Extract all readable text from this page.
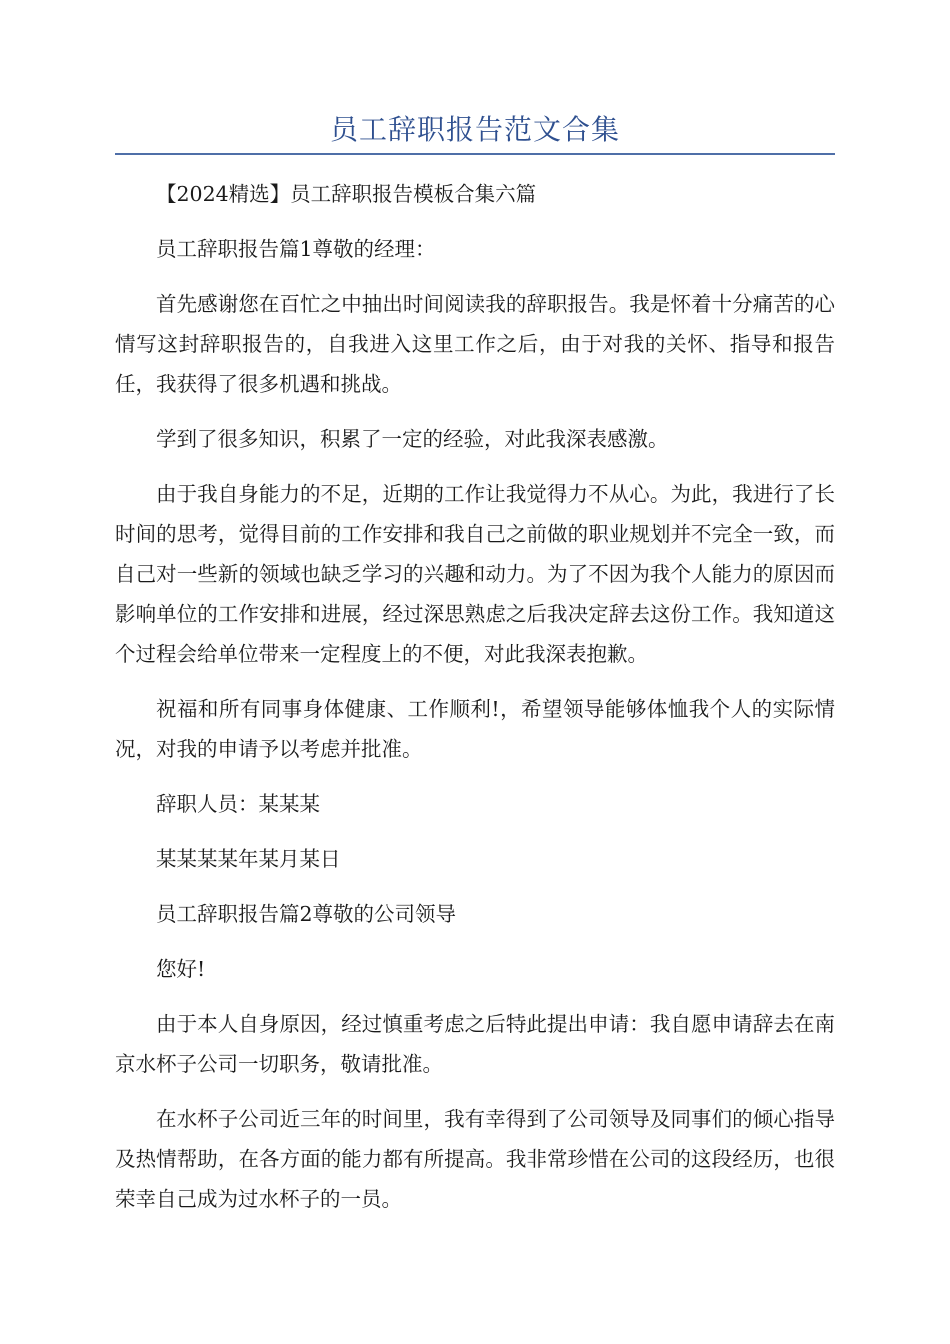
员工辞职报告范文合集

【2024精选】员工辞职报告模板合集六篇

员工辞职报告篇1尊敬的经理：

首先感谢您在百忙之中抽出时间阅读我的辞职报告。我是怀着十分痛苦的心情写这封辞职报告的，自我进入这里工作之后，由于对我的关怀、指导和报告任，我获得了很多机遇和挑战。

学到了很多知识，积累了一定的经验，对此我深表感激。

由于我自身能力的不足，近期的工作让我觉得力不从心。为此，我进行了长时间的思考，觉得目前的工作安排和我自己之前做的职业规划并不完全一致，而自己对一些新的领域也缺乏学习的兴趣和动力。为了不因为我个人能力的原因而影响单位的工作安排和进展，经过深思熟虑之后我决定辞去这份工作。我知道这个过程会给单位带来一定程度上的不便，对此我深表抱歉。

祝福和所有同事身体健康、工作顺利!，希望领导能够体恤我个人的实际情况，对我的申请予以考虑并批准。

辞职人员：某某某

某某某某年某月某日

员工辞职报告篇2尊敬的公司领导

您好!

由于本人自身原因，经过慎重考虑之后特此提出申请：我自愿申请辞去在南京水杯子公司一切职务，敬请批准。

在水杯子公司近三年的时间里，我有幸得到了公司领导及同事们的倾心指导及热情帮助，在各方面的能力都有所提高。我非常珍惜在公司的这段经历，也很荣幸自己成为过水杯子的一员。
